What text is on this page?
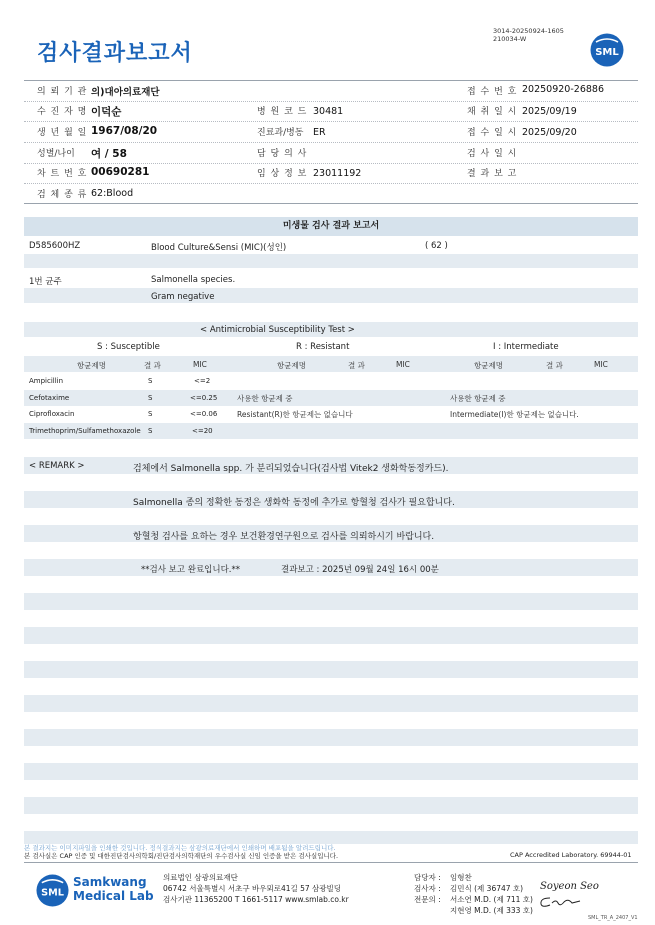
검사결과보고서
3014-20250924-1605
210034-W
SML
의 뢰 기 관 의)대아의료재단	접 수 번 호 20250920-26886
수 진 자 명 이덕순	병 원 코 드 30481	채 취 일 시 2025/09/19
생 년 월 일 1967/08/20	진료과/병동 ER	접 수 일 시 2025/09/20
성별/나이 여 / 58	담 당 의 사	검 사 일 시
차 트 번 호 00690281	임 상 정 보 23011192	결 과 보 고
검 체 종 류 62:Blood
미생물 검사 결과 보고서
D585600HZ	Blood Culture&Sensi (MIC)(성인)	( 62 )
1번 균주	Salmonella species.
Gram negative
< Antimicrobial Susceptibility Test >
S : Susceptible	R : Resistant	I : Intermediate
항균제명	결 과	MIC	항균제명	결 과	MIC	항균제명	결 과	MIC
Ampicillin	S	<=2
Cefotaxime	S	<=0.25	사용한 항균제 중	사용한 항균제 중
Ciprofloxacin	S	<=0.06	Resistant(R)한 항균제는 없습니다	Intermediate(I)한 항균제는 없습니다.
Trimethoprim/Sulfamethoxazole S	<=20
< REMARK >	검체에서 Salmonella spp. 가 분리되었습니다(검사법 Vitek2 생화학동정카드).
Salmonella 종의 정확한 동정은 생화학 동정에 추가로 항혈청 검사가 필요합니다.
항혈청 검사를 요하는 경우 보건환경연구원으로 검사를 의뢰하시기 바랍니다.
**검사 보고 완료입니다.**	결과보고 : 2025년 09월 24일 16시 00분
본 결과지는 이미지파일을 인쇄한 것입니다. 정식결과지는 삼광의료재단에서 인쇄하며 배포됨을 알려드립니다.
본 검사실은 CAP 인증 및 대한진단검사의학회/진단검사의학재단의 우수검사실 신임 인증을 받은 검사실입니다.	CAP Accredited Laboratory. 69944-01
SML
Samkwang
Medical Lab
의료법인 삼광의료재단
06742 서울특별시 서초구 바우뫼로41길 57 삼광빌딩
검사기관 11365200 T 1661-5117 www.smlab.co.kr
담당자 : 임형찬
검사자 : 김민식 (제 36747 호)
전문의 : 서소연 M.D. (제 711 호)
지현영 M.D. (제 333 호)
Soyeon Seo
SML_TR_A_2407_V1
